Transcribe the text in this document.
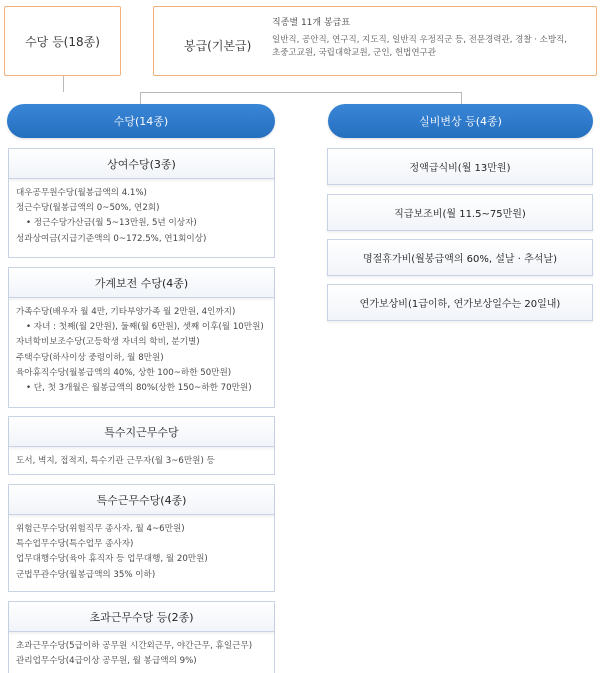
수당 등(18종)	봉급(기본급)
직종별 11개 봉급표
일반직, 공안직, 연구직, 지도직, 일반직 우정직군 등, 전문경력관, 경찰 · 소방직,
초중고교원, 국립대학교원, 군인, 헌법연구관
수당(14종)	실비변상 등(4종)
상여수당(3종)
대우공무원수당(월봉급액의 4.1%)
정근수당(월봉급액의 0~50%, 연2회)
• 정근수당가산금(월 5~13만원, 5년 이상자)
성과상여금(지급기준액의 0~172.5%, 연1회이상)
가계보전 수당(4종)
가족수당(배우자 월 4만, 기타부양가족 월 2만원, 4인까지)
• 자녀 : 첫째(월 2만원), 둘째(월 6만원), 셋째 이후(월 10만원)
자녀학비보조수당(고등학생 자녀의 학비, 분기별)
주택수당(하사이상 중령이하, 월 8만원)
육아휴직수당(월봉급액의 40%, 상한 100~하한 50만원)
• 단, 첫 3개월은 월봉급액의 80%(상한 150~하한 70만원)
특수지근무수당
도서, 벽지, 접적지, 특수기관 근무자(월 3~6만원) 등
특수근무수당(4종)
위험근무수당(위험직무 종사자, 월 4~6만원)
특수업무수당(특수업무 종사자)
업무대행수당(육아 휴직자 등 업무대행, 월 20만원)
군법무관수당(월봉급액의 35% 이하)
초과근무수당 등(2종)
초과근무수당(5급이하 공무원 시간외근무, 야간근무, 휴일근무)
관리업무수당(4급이상 공무원, 월 봉급액의 9%)
정액급식비(월 13만원)
직급보조비(월 11.5~75만원)
명절휴가비(월봉급액의 60%, 설날 · 추석날)
연가보상비(1급이하, 연가보상일수는 20일내)
